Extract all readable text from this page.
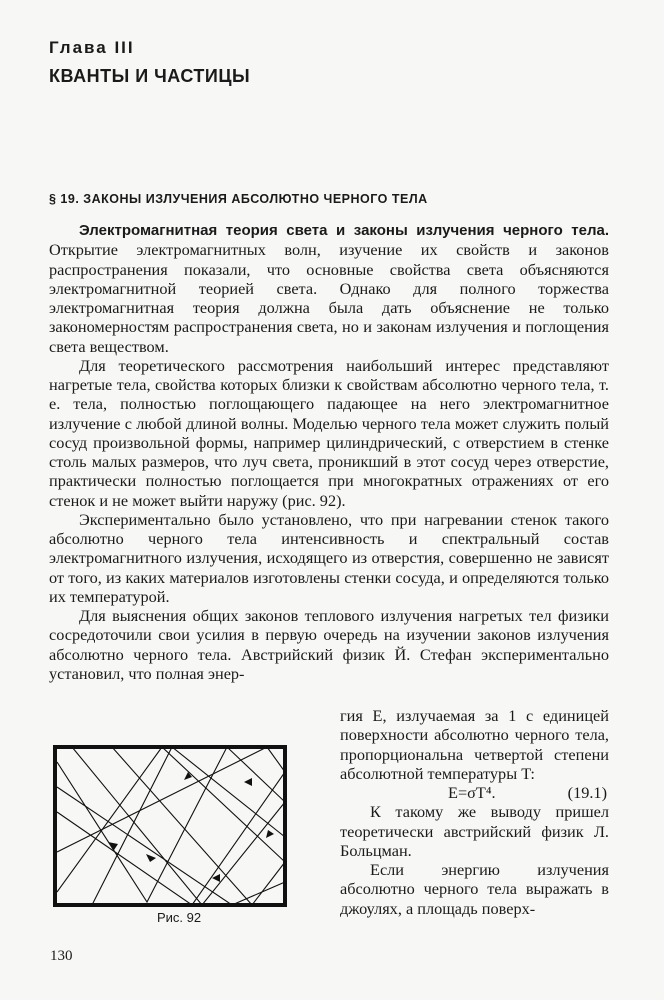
Глава III
КВАНТЫ И ЧАСТИЦЫ
§ 19. ЗАКОНЫ ИЗЛУЧЕНИЯ АБСОЛЮТНО ЧЕРНОГО ТЕЛА

Электромагнитная теория света и законы излучения черного тела. Открытие электромагнитных волн, изучение их свойств и законов распространения показали, что основные свойства света объясняются электромагнитной теорией света. Однако для полного торжества электромагнитная теория должна была дать объяснение не только закономерностям распространения света, но и законам излучения и поглощения света веществом.

Для теоретического рассмотрения наибольший интерес представляют нагретые тела, свойства которых близки к свойствам абсолютно черного тела, т. е. тела, полностью поглощающего падающее на него электромагнитное излучение с любой длиной волны. Моделью черного тела может служить полый сосуд произвольной формы, например цилиндрический, с отверстием в стенке столь малых размеров, что луч света, проникший в этот сосуд через отверстие, практически полностью поглощается при многократных отражениях от его стенок и не может выйти наружу (рис. 92).

Экспериментально было установлено, что при нагревании стенок такого абсолютно черного тела интенсивность и спектральный состав электромагнитного излучения, исходящего из отверстия, совершенно не зависят от того, из каких материалов изготовлены стенки сосуда, и определяются только их температурой.

Для выяснения общих законов теплового излучения нагретых тел физики сосредоточили свои усилия в первую очередь на изучении законов излучения абсолютно черного тела. Австрийский физик Й. Стефан экспериментально установил, что полная энер-

гия E, излучаемая за 1 с единицей поверхности абсолютно черного тела, пропорциональна четвертой степени абсолютной температуры T:

E=σT⁴.	(19.1)

К такому же выводу пришел теоретически австрийский физик Л. Больцман.

Если энергию излучения абсолютно черного тела выражать в джоулях, а площадь поверх-

Рис. 92
130
